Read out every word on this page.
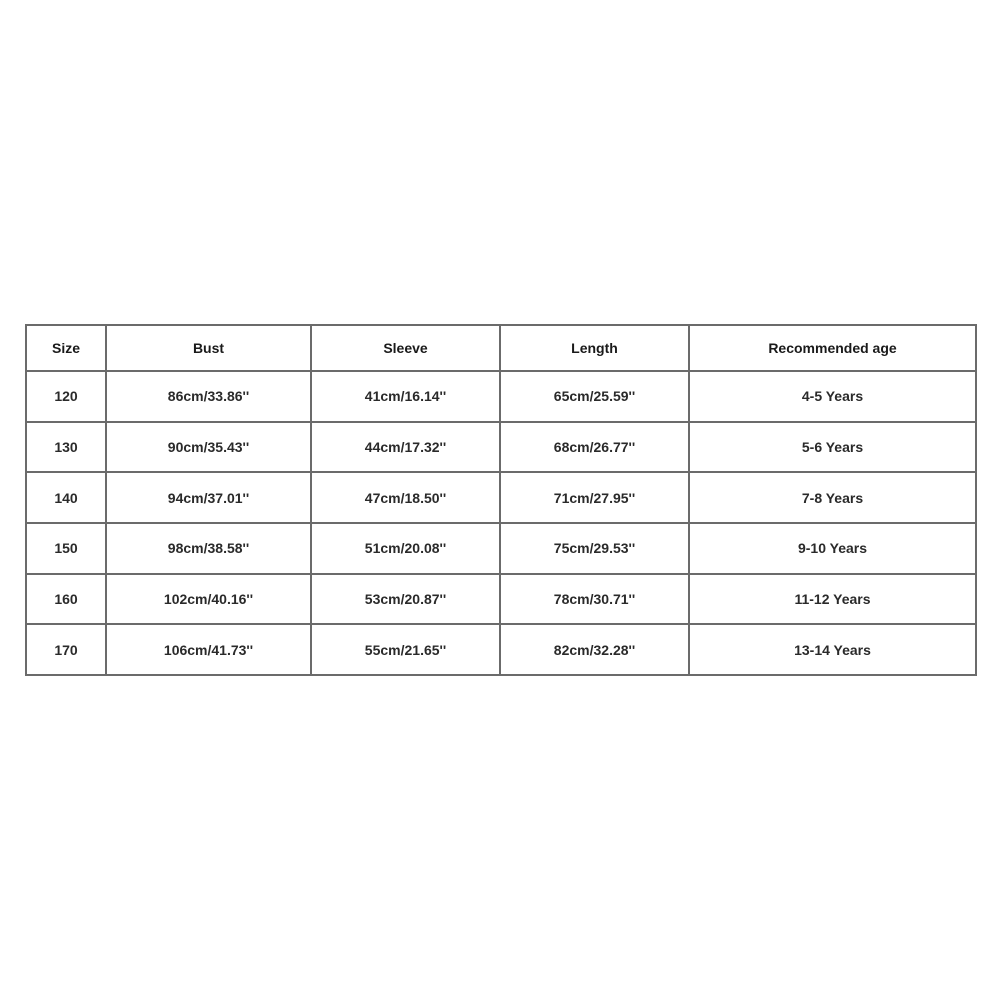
Size	Bust	Sleeve	Length	Recommended age
120	86cm/33.86''	41cm/16.14''	65cm/25.59''	4-5 Years
130	90cm/35.43''	44cm/17.32''	68cm/26.77''	5-6 Years
140	94cm/37.01''	47cm/18.50''	71cm/27.95''	7-8 Years
150	98cm/38.58''	51cm/20.08''	75cm/29.53''	9-10 Years
160	102cm/40.16''	53cm/20.87''	78cm/30.71''	11-12 Years
170	106cm/41.73''	55cm/21.65''	82cm/32.28''	13-14 Years
